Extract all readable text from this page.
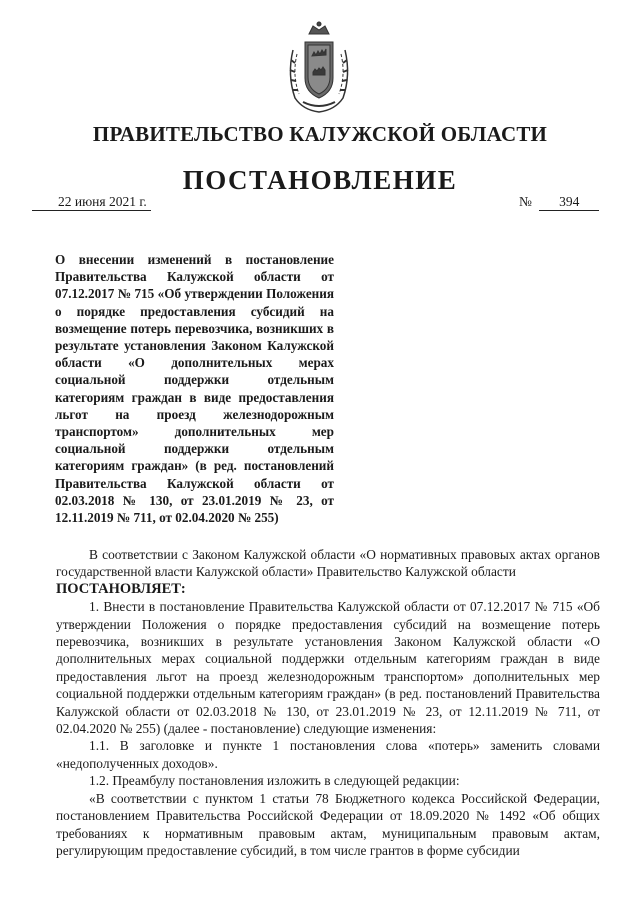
ПРАВИТЕЛЬСТВО КАЛУЖСКОЙ ОБЛАСТИ
ПОСТАНОВЛЕНИЕ
22 июня 2021 г.	№ 394
О внесении изменений в постановление Правительства Калужской области от 07.12.2017 № 715 «Об утверждении Положения о порядке предоставления субсидий на возмещение потерь перевозчика, возникших в результате установления Законом Калужской области «О дополнительных мерах социальной поддержки отдельным категориям граждан в виде предоставления льгот на проезд железнодорожным транспортом» дополнительных мер социальной поддержки отдельным категориям граждан» (в ред. постановлений Правительства Калужской области от 02.03.2018 № 130, от 23.01.2019 № 23, от 12.11.2019 № 711, от 02.04.2020 № 255)

В соответствии с Законом Калужской области «О нормативных правовых актах органов государственной власти Калужской области» Правительство Калужской области

ПОСТАНОВЛЯЕТ:

1. Внести в постановление Правительства Калужской области от 07.12.2017 № 715 «Об утверждении Положения о порядке предоставления субсидий на возмещение потерь перевозчика, возникших в результате установления Законом Калужской области «О дополнительных мерах социальной поддержки отдельным категориям граждан в виде предоставления льгот на проезд железнодорожным транспортом» дополнительных мер социальной поддержки отдельным категориям граждан» (в ред. постановлений Правительства Калужской области от 02.03.2018 № 130, от 23.01.2019 № 23, от 12.11.2019 № 711, от 02.04.2020 № 255) (далее - постановление) следующие изменения:

1.1. В заголовке и пункте 1 постановления слова «потерь» заменить словами «недополученных доходов».

1.2. Преамбулу постановления изложить в следующей редакции:

«В соответствии с пунктом 1 статьи 78 Бюджетного кодекса Российской Федерации, постановлением Правительства Российской Федерации от 18.09.2020 № 1492 «Об общих требованиях к нормативным правовым актам, муниципальным правовым актам, регулирующим предоставление субсидий, в том числе грантов в форме субсидии
